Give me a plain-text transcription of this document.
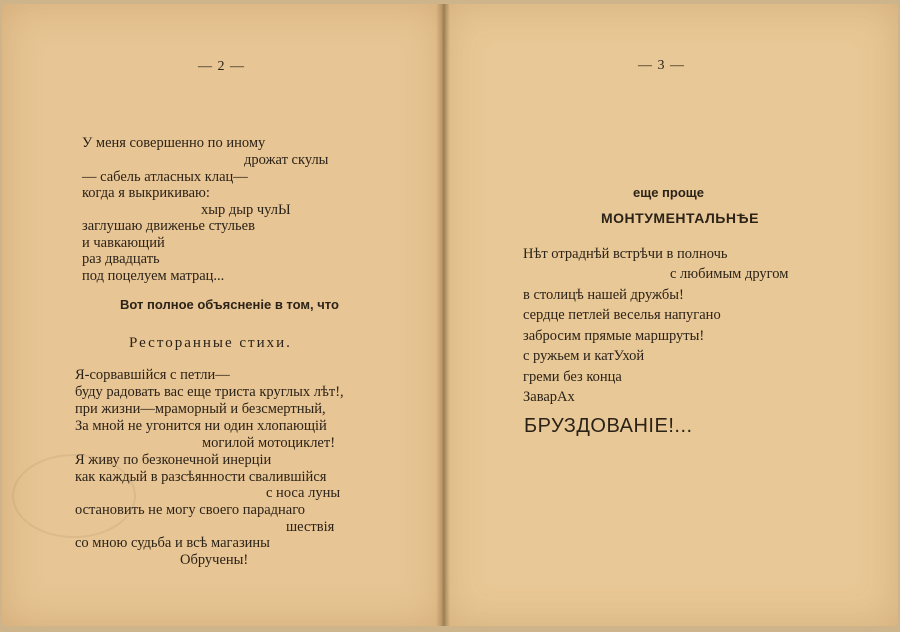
— 2 —
У меня совершенно по иному
дрожат скулы
— сабель атласных клац—
когда я выкрикиваю:
хыр дыр чулЫ
заглушаю движенье стульев
и чавкающий
раз двадцать
под поцелуем матрац...
Вот полное объясненіе в том, что
Ресторанные стихи.
Я-сорвавшійся с петли—
буду радовать вас еще триста круглых лѣт!,
при жизни—мраморный и безсмертный,
За мной не угонится ни один хлопающій
могилой мотоциклет!
Я живу по безконечной инерціи
как каждый в разсѣянности свалившійся
с носа луны
остановить не могу своего параднаго
шествія
со мною судьба и всѣ магазины
Обручены!
— 3 —
еще проще
МОНТУМЕНТАЛЬНѢЕ
Нѣт отраднѣй встрѣчи в полночь
с любимым другом
в столицѣ нашей дружбы!
сердце петлей веселья напугано
забросим прямые маршруты!
с ружьем и катУхой
греми без конца
ЗаварАх
БРУЗДОВАНІЕ!...
